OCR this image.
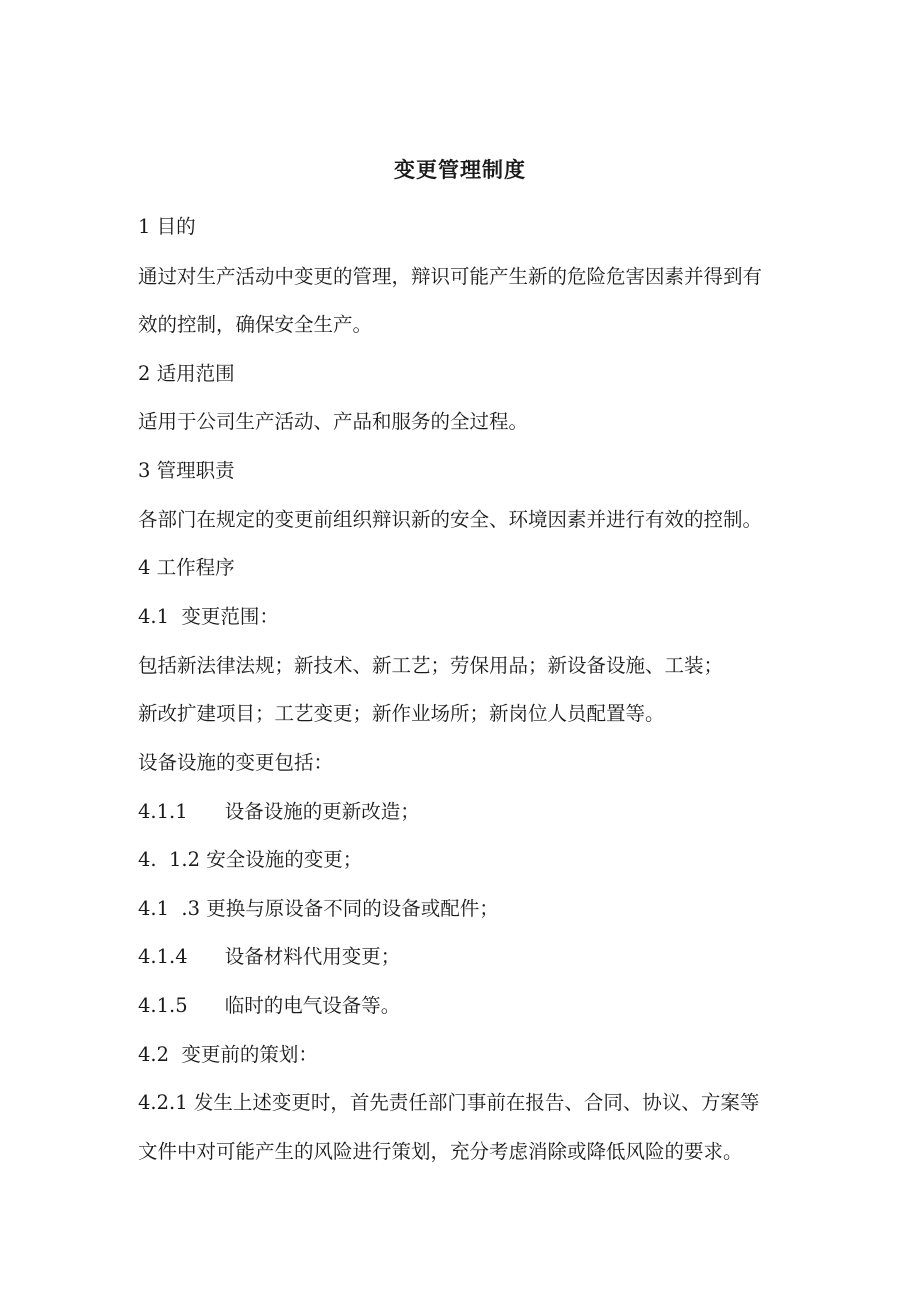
变更管理制度
1 目的
通过对生产活动中变更的管理，辩识可能产生新的危险危害因素并得到有
效的控制，确保安全生产。
2 适用范围
适用于公司生产活动、产品和服务的全过程。
3 管理职责
各部门在规定的变更前组织辩识新的安全、环境因素并进行有效的控制。
4 工作程序
4.1  变更范围：
包括新法律法规；新技术、新工艺；劳保用品；新设备设施、工装；
新改扩建项目；工艺变更；新作业场所；新岗位人员配置等。
设备设施的变更包括：
4.1.1      设备设施的更新改造；
4.  1.2 安全设施的变更；
4.1  .3 更换与原设备不同的设备或配件；
4.1.4      设备材料代用变更；
4.1.5      临时的电气设备等。
4.2  变更前的策划：
4.2.1 发生上述变更时，首先责任部门事前在报告、合同、协议、方案等
文件中对可能产生的风险进行策划，充分考虑消除或降低风险的要求。
